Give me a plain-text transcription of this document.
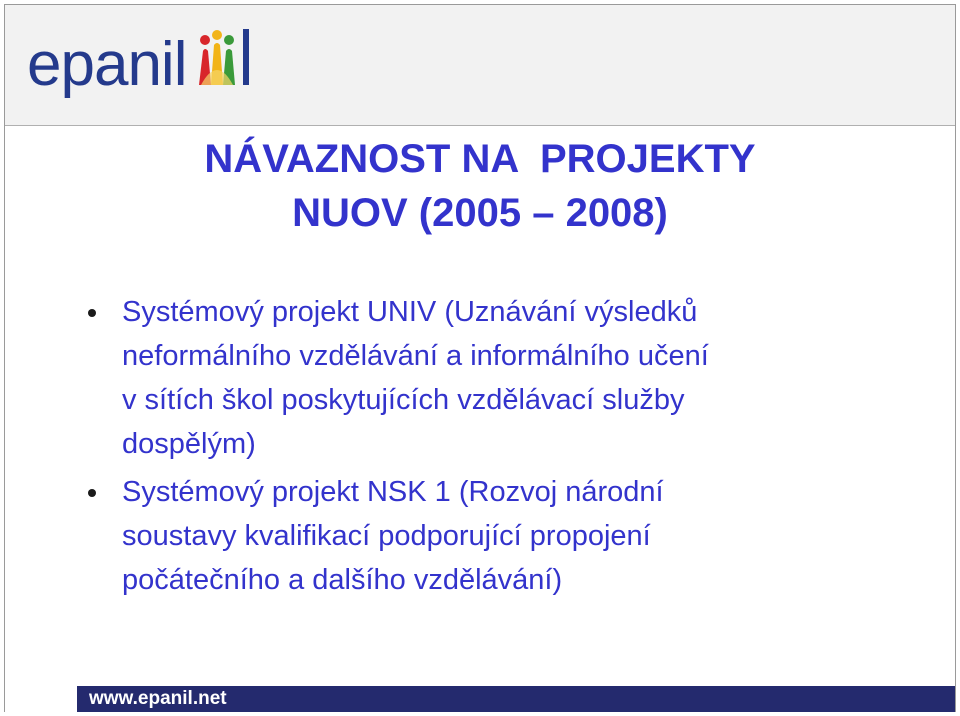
epanil
NÁVAZNOST NA  PROJEKTY
NUOV (2005 – 2008)
Systémový projekt UNIV (Uznávání výsledků
neformálního vzdělávání a informálního učení
v sítích škol poskytujících vzdělávací služby
dospělým)
Systémový projekt NSK 1 (Rozvoj národní
soustavy kvalifikací podporující propojení
počátečního a dalšího vzdělávání)
www.epanil.net
